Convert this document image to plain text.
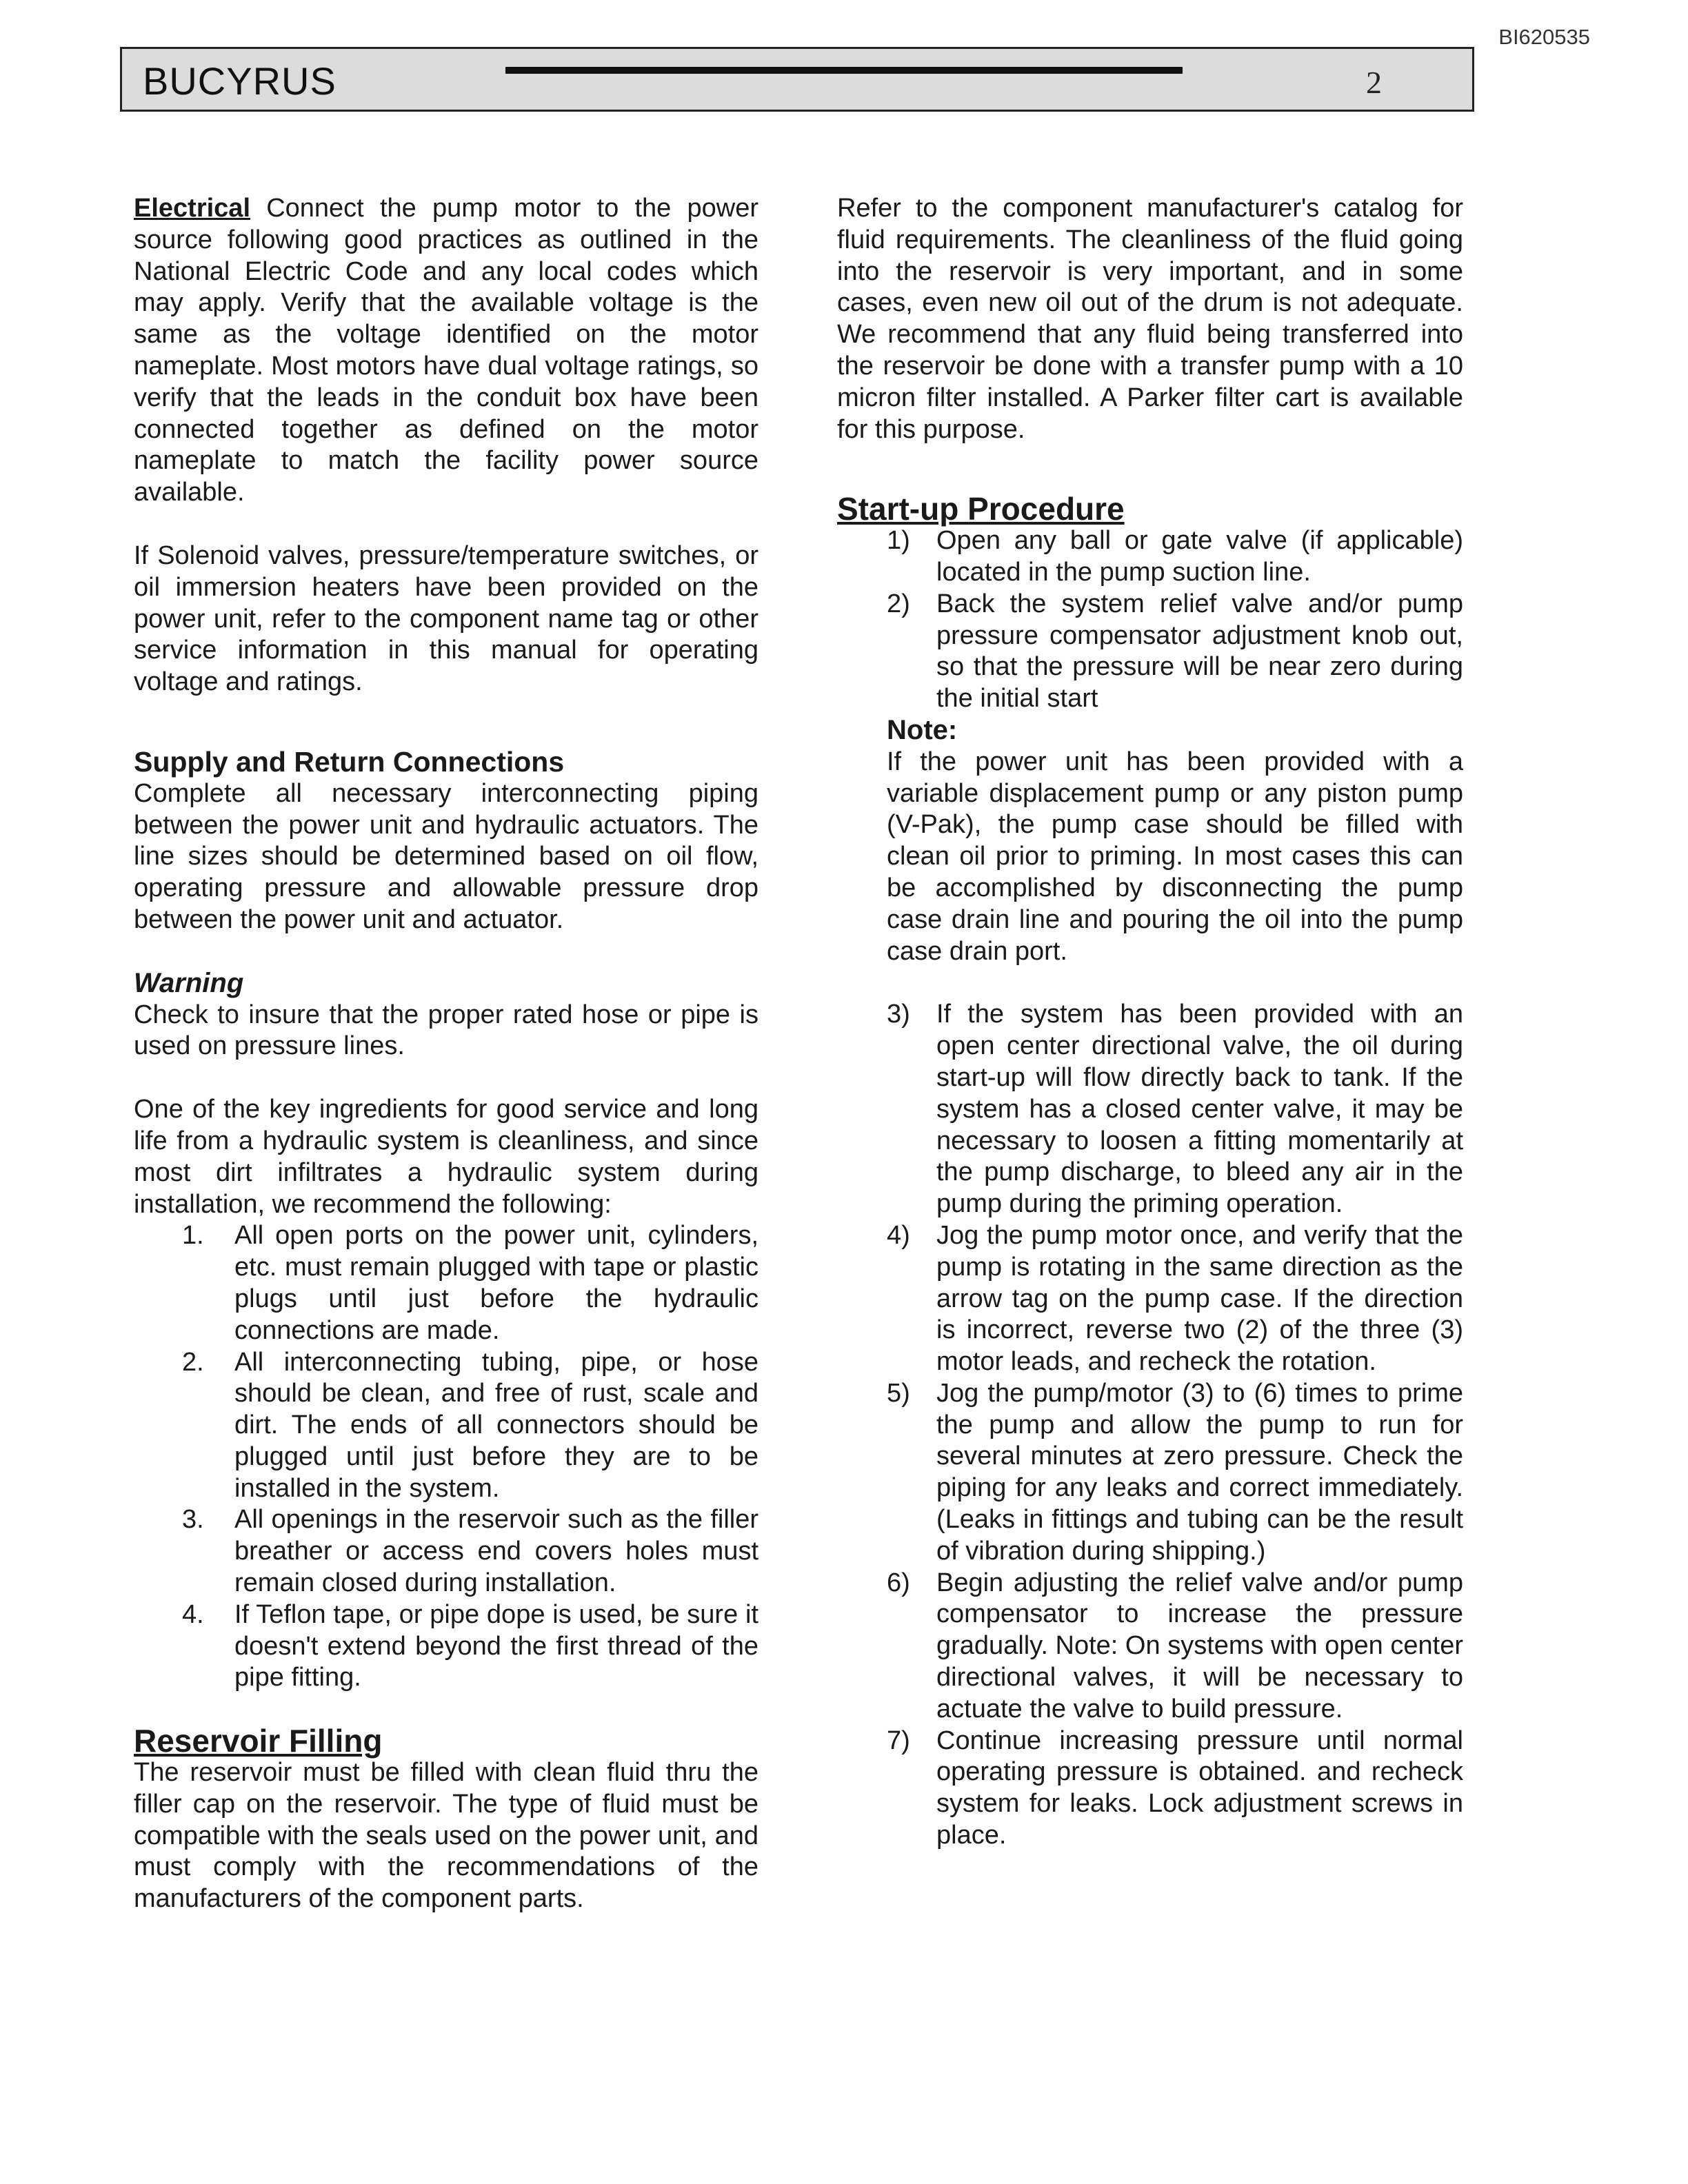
BI620535
BUCYRUS	2

Electrical Connect the pump motor to the power source following good practices as outlined in the National Electric Code and any local codes which may apply. Verify that the available voltage is the same as the voltage identified on the motor nameplate. Most motors have dual voltage ratings, so verify that the leads in the conduit box have been connected together as defined on the motor nameplate to match the facility power source available.

If Solenoid valves, pressure/temperature switches, or oil immersion heaters have been provided on the power unit, refer to the component name tag or other service information in this manual for operating voltage and ratings.

Supply and Return Connections

Complete all necessary interconnecting piping between the power unit and hydraulic actuators. The line sizes should be determined based on oil flow, operating pressure and allowable pressure drop between the power unit and actuator.

Warning

Check to insure that the proper rated hose or pipe is used on pressure lines.

One of the key ingredients for good service and long life from a hydraulic system is cleanliness, and since most dirt infiltrates a hydraulic system during installation, we recommend the following:

1. All open ports on the power unit, cylinders, etc. must remain plugged with tape or plastic plugs until just before the hydraulic connections are made.
2. All interconnecting tubing, pipe, or hose should be clean, and free of rust, scale and dirt. The ends of all connectors should be plugged until just before they are to be installed in the system.
3. All openings in the reservoir such as the filler breather or access end covers holes must remain closed during installation.
4. If Teflon tape, or pipe dope is used, be sure it doesn't extend beyond the first thread of the pipe fitting.
Reservoir Filling

The reservoir must be filled with clean fluid thru the filler cap on the reservoir. The type of fluid must be compatible with the seals used on the power unit, and must comply with the recommendations of the manufacturers of the component parts.

Refer to the component manufacturer's catalog for fluid requirements. The cleanliness of the fluid going into the reservoir is very important, and in some cases, even new oil out of the drum is not adequate. We recommend that any fluid being transferred into the reservoir be done with a transfer pump with a 10 micron filter installed. A Parker filter cart is available for this purpose.

Start-up Procedure
1) Open any ball or gate valve (if applicable) located in the pump suction line.
2) Back the system relief valve and/or pump pressure compensator adjustment knob out, so that the pressure will be near zero during the initial start
Note:

If the power unit has been provided with a variable displacement pump or any piston pump (V-Pak), the pump case should be filled with clean oil prior to priming. In most cases this can be accomplished by disconnecting the pump case drain line and pouring the oil into the pump case drain port.

3) If the system has been provided with an open center directional valve, the oil during start-up will flow directly back to tank. If the system has a closed center valve, it may be necessary to loosen a fitting momentarily at the pump discharge, to bleed any air in the pump during the priming operation.
4) Jog the pump motor once, and verify that the pump is rotating in the same direction as the arrow tag on the pump case. If the direction is incorrect, reverse two (2) of the three (3) motor leads, and recheck the rotation.
5) Jog the pump/motor (3) to (6) times to prime the pump and allow the pump to run for several minutes at zero pressure. Check the piping for any leaks and correct immediately. (Leaks in fittings and tubing can be the result of vibration during shipping.)
6) Begin adjusting the relief valve and/or pump compensator to increase the pressure gradually. Note: On systems with open center directional valves, it will be necessary to actuate the valve to build pressure.
7) Continue increasing pressure until normal operating pressure is obtained. and recheck system for leaks. Lock adjustment screws in place.
